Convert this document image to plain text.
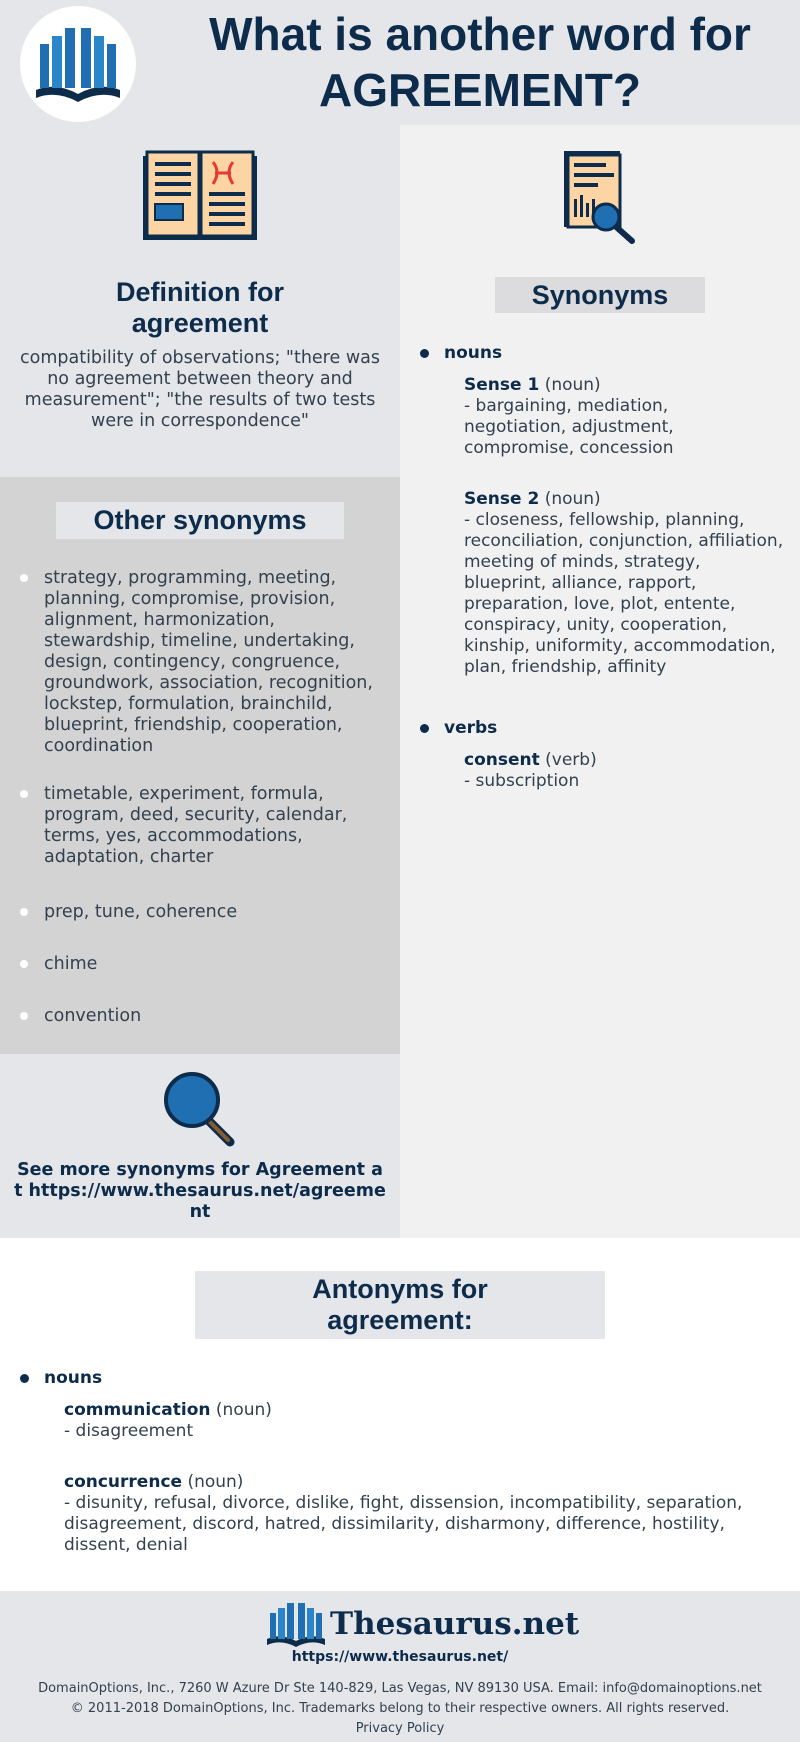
What is another word for
AGREEMENT?
Definition for
agreement
compatibility of observations; "there was no agreement between theory and measurement"; "the results of two tests were in correspondence"
Synonyms
nouns
Sense 1 (noun)
- bargaining, mediation, negotiation, adjustment, compromise, concession
Sense 2 (noun)
- closeness, fellowship, planning, reconciliation, conjunction, affiliation, meeting of minds, strategy, blueprint, alliance, rapport, preparation, love, plot, entente, conspiracy, unity, cooperation, kinship, uniformity, accommodation, plan, friendship, affinity
verbs
consent (verb)
- subscription
Other synonyms
strategy, programming, meeting, planning, compromise, provision, alignment, harmonization, stewardship, timeline, undertaking, design, contingency, congruence, groundwork, association, recognition, lockstep, formulation, brainchild, blueprint, friendship, cooperation, coordination
timetable, experiment, formula, program, deed, security, calendar, terms, yes, accommodations, adaptation, charter
prep, tune, coherence
chime
convention
See more synonyms for Agreement at https://www.thesaurus.net/agreement
Antonyms for
agreement:
nouns
communication (noun)
- disagreement
concurrence (noun)
- disunity, refusal, divorce, dislike, fight, dissension, incompatibility, separation, disagreement, discord, hatred, dissimilarity, disharmony, difference, hostility, dissent, denial
Thesaurus.net
https://www.thesaurus.net/
DomainOptions, Inc., 7260 W Azure Dr Ste 140-829, Las Vegas, NV 89130 USA. Email: info@domainoptions.net
© 2011-2018 DomainOptions, Inc. Trademarks belong to their respective owners. All rights reserved.
Privacy Policy
